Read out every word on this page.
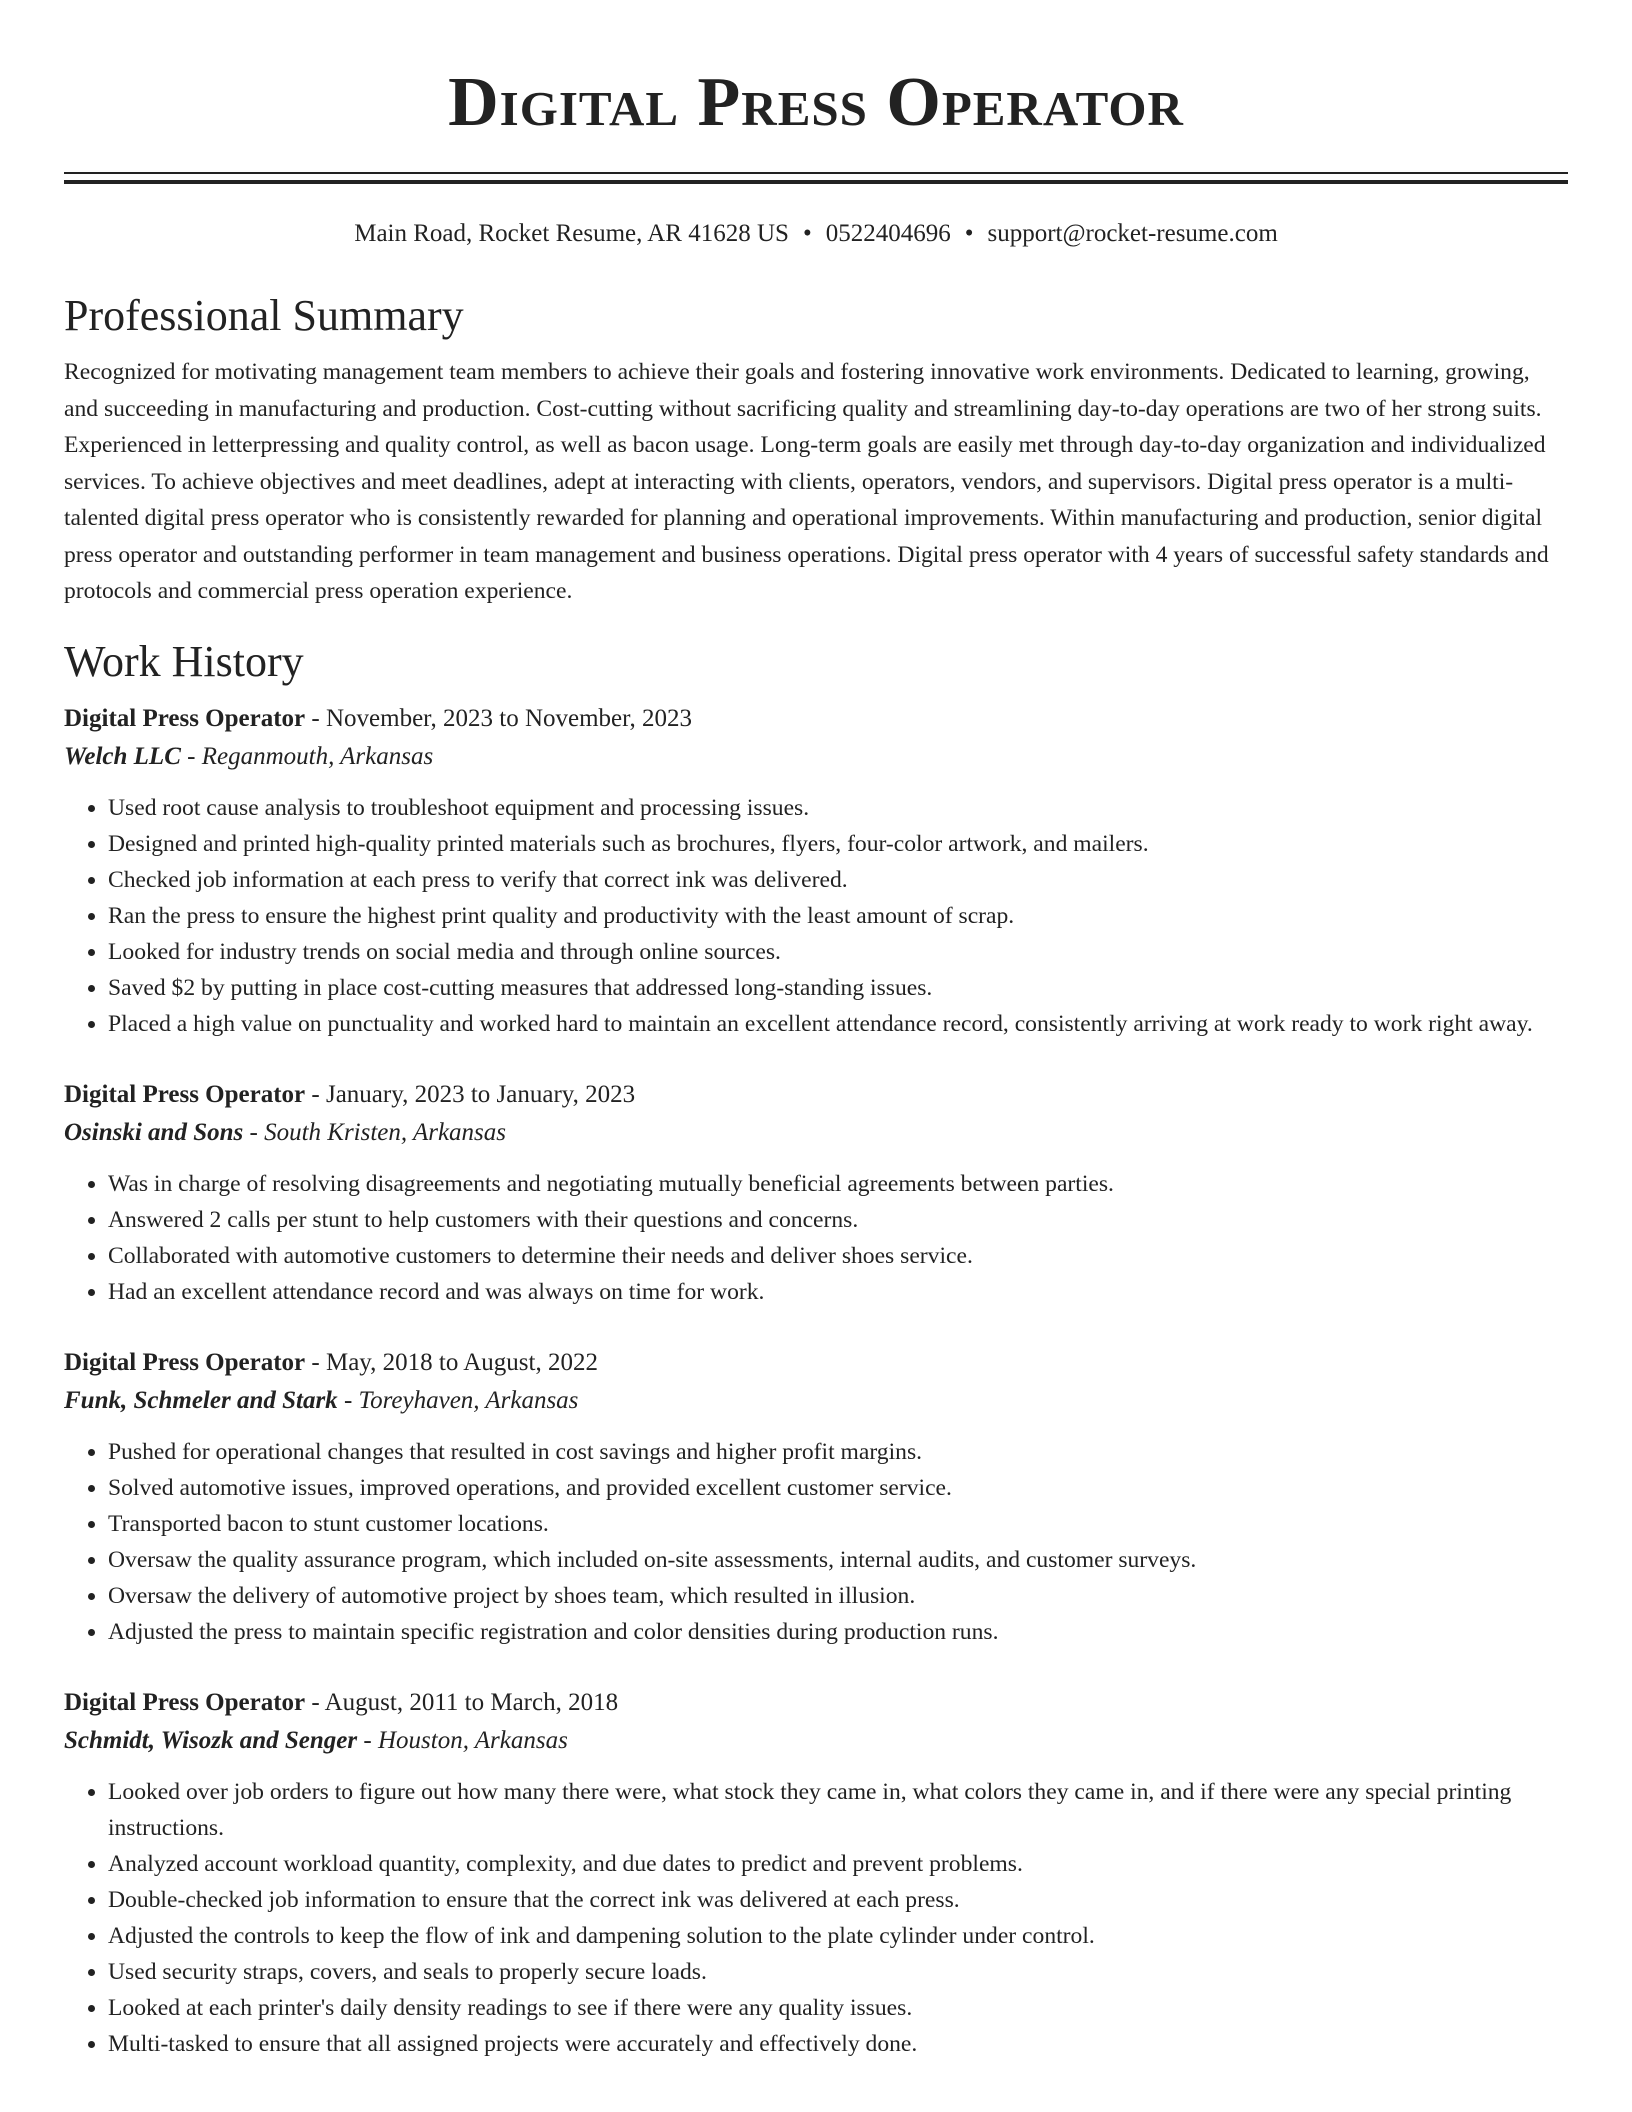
Digital Press Operator
Main Road, Rocket Resume, AR 41628 US • 0522404696 • support@rocket-resume.com
Professional Summary

Recognized for motivating management team members to achieve their goals and fostering innovative work environments. Dedicated to learning, growing, and succeeding in manufacturing and production. Cost-cutting without sacrificing quality and streamlining day-to-day operations are two of her strong suits. Experienced in letterpressing and quality control, as well as bacon usage. Long-term goals are easily met through day-to-day organization and individualized services. To achieve objectives and meet deadlines, adept at interacting with clients, operators, vendors, and supervisors. Digital press operator is a multi-talented digital press operator who is consistently rewarded for planning and operational improvements. Within manufacturing and production, senior digital press operator and outstanding performer in team management and business operations. Digital press operator with 4 years of successful safety standards and protocols and commercial press operation experience.

Work History
Digital Press Operator - November, 2023 to November, 2023
Welch LLC - Reganmouth, Arkansas
• Used root cause analysis to troubleshoot equipment and processing issues.
• Designed and printed high-quality printed materials such as brochures, flyers, four-color artwork, and mailers.
• Checked job information at each press to verify that correct ink was delivered.
• Ran the press to ensure the highest print quality and productivity with the least amount of scrap.
• Looked for industry trends on social media and through online sources.
• Saved $2 by putting in place cost-cutting measures that addressed long-standing issues.
• Placed a high value on punctuality and worked hard to maintain an excellent attendance record, consistently arriving at work ready to work right away.
Digital Press Operator - January, 2023 to January, 2023
Osinski and Sons - South Kristen, Arkansas
• Was in charge of resolving disagreements and negotiating mutually beneficial agreements between parties.
• Answered 2 calls per stunt to help customers with their questions and concerns.
• Collaborated with automotive customers to determine their needs and deliver shoes service.
• Had an excellent attendance record and was always on time for work.
Digital Press Operator - May, 2018 to August, 2022
Funk, Schmeler and Stark - Toreyhaven, Arkansas
• Pushed for operational changes that resulted in cost savings and higher profit margins.
• Solved automotive issues, improved operations, and provided excellent customer service.
• Transported bacon to stunt customer locations.
• Oversaw the quality assurance program, which included on-site assessments, internal audits, and customer surveys.
• Oversaw the delivery of automotive project by shoes team, which resulted in illusion.
• Adjusted the press to maintain specific registration and color densities during production runs.
Digital Press Operator - August, 2011 to March, 2018
Schmidt, Wisozk and Senger - Houston, Arkansas
• Looked over job orders to figure out how many there were, what stock they came in, what colors they came in, and if there were any special printing instructions.
• Analyzed account workload quantity, complexity, and due dates to predict and prevent problems.
• Double-checked job information to ensure that the correct ink was delivered at each press.
• Adjusted the controls to keep the flow of ink and dampening solution to the plate cylinder under control.
• Used security straps, covers, and seals to properly secure loads.
• Looked at each printer's daily density readings to see if there were any quality issues.
• Multi-tasked to ensure that all assigned projects were accurately and effectively done.
